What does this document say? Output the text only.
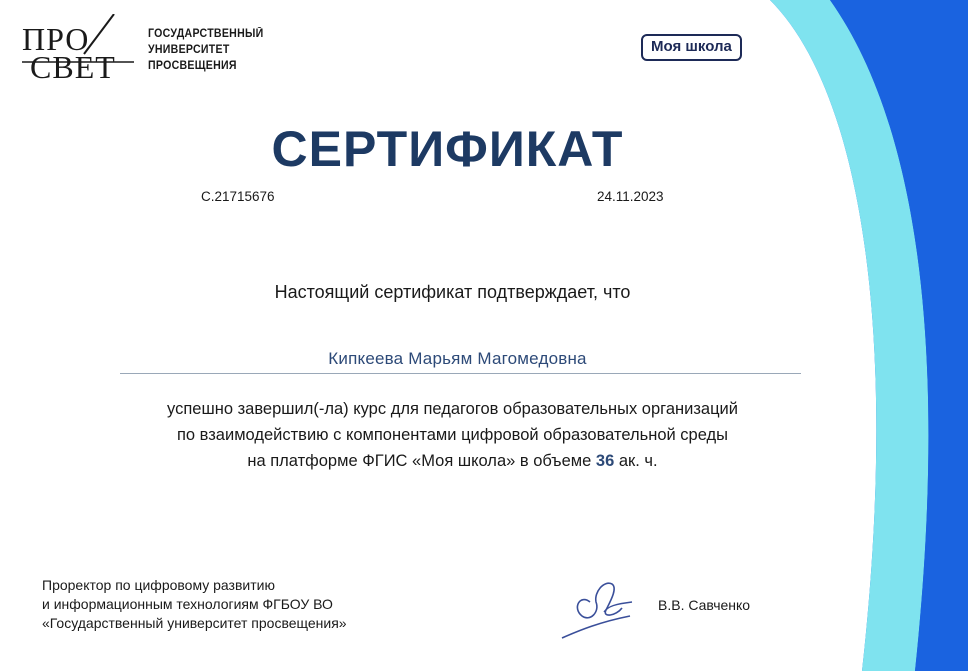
ПРО
СВЕТ
ГОСУДАРСТВЕННЫЙ
УНИВЕРСИТЕТ
ПРОСВЕЩЕНИЯ
Моя школа
СЕРТИФИКАТ
С.21715676	24.11.2023
Настоящий сертификат подтверждает, что
Кипкеева Марьям Магомедовна
успешно завершил(-ла) курс для педагогов образовательных организаций
по взаимодействию с компонентами цифровой образовательной среды
на платформе ФГИС «Моя школа» в объеме 36 ак. ч.
Проректор по цифровому развитию
и информационным технологиям ФГБОУ ВО
«Государственный университет просвещения»
В.В. Савченко
